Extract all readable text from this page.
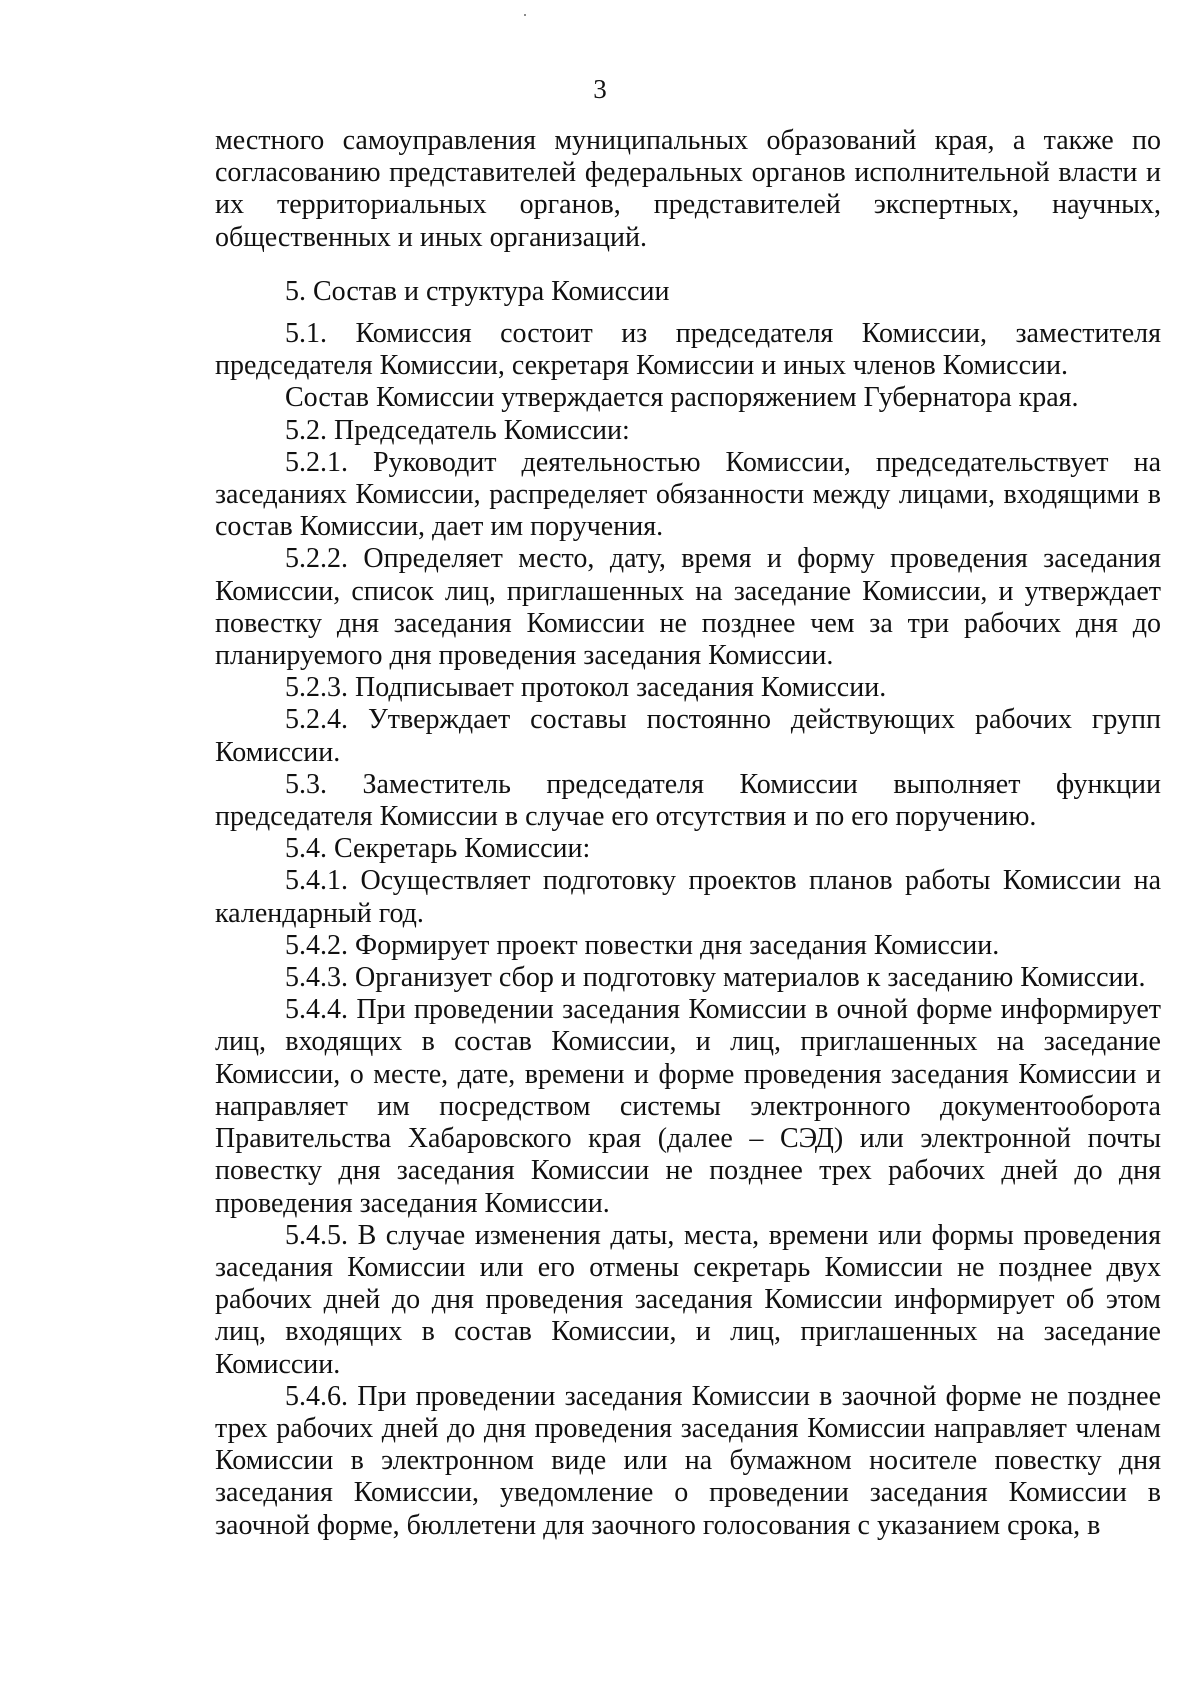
3

местного самоуправления муниципальных образований края, а также по согласованию представителей федеральных органов исполнительной власти и их территориальных органов, представителей экспертных, научных, общественных и иных организаций.

5. Состав и структура Комиссии

5.1. Комиссия состоит из председателя Комиссии, заместителя председателя Комиссии, секретаря Комиссии и иных членов Комиссии.

Состав Комиссии утверждается распоряжением Губернатора края.

5.2. Председатель Комиссии:

5.2.1. Руководит деятельностью Комиссии, председательствует на заседаниях Комиссии, распределяет обязанности между лицами, входящими в состав Комиссии, дает им поручения.

5.2.2. Определяет место, дату, время и форму проведения заседания Комиссии, список лиц, приглашенных на заседание Комиссии, и утверждает повестку дня заседания Комиссии не позднее чем за три рабочих дня до планируемого дня проведения заседания Комиссии.

5.2.3. Подписывает протокол заседания Комиссии.

5.2.4. Утверждает составы постоянно действующих рабочих групп Комиссии.

5.3. Заместитель председателя Комиссии выполняет функции председателя Комиссии в случае его отсутствия и по его поручению.

5.4. Секретарь Комиссии:

5.4.1. Осуществляет подготовку проектов планов работы Комиссии на календарный год.

5.4.2. Формирует проект повестки дня заседания Комиссии.

5.4.3. Организует сбор и подготовку материалов к заседанию Комиссии.

5.4.4. При проведении заседания Комиссии в очной форме информирует лиц, входящих в состав Комиссии, и лиц, приглашенных на заседание Комиссии, о месте, дате, времени и форме проведения заседания Комиссии и направляет им посредством системы электронного документооборота Правительства Хабаровского края (далее – СЭД) или электронной почты повестку дня заседания Комиссии не позднее трех рабочих дней до дня проведения заседания Комиссии.

5.4.5. В случае изменения даты, места, времени или формы проведения заседания Комиссии или его отмены секретарь Комиссии не позднее двух рабочих дней до дня проведения заседания Комиссии информирует об этом лиц, входящих в состав Комиссии, и лиц, приглашенных на заседание Комиссии.

5.4.6. При проведении заседания Комиссии в заочной форме не позднее трех рабочих дней до дня проведения заседания Комиссии направляет членам Комиссии в электронном виде или на бумажном носителе повестку дня заседания Комиссии, уведомление о проведении заседания Комиссии в заочной форме, бюллетени для заочного голосования с указанием срока, в
